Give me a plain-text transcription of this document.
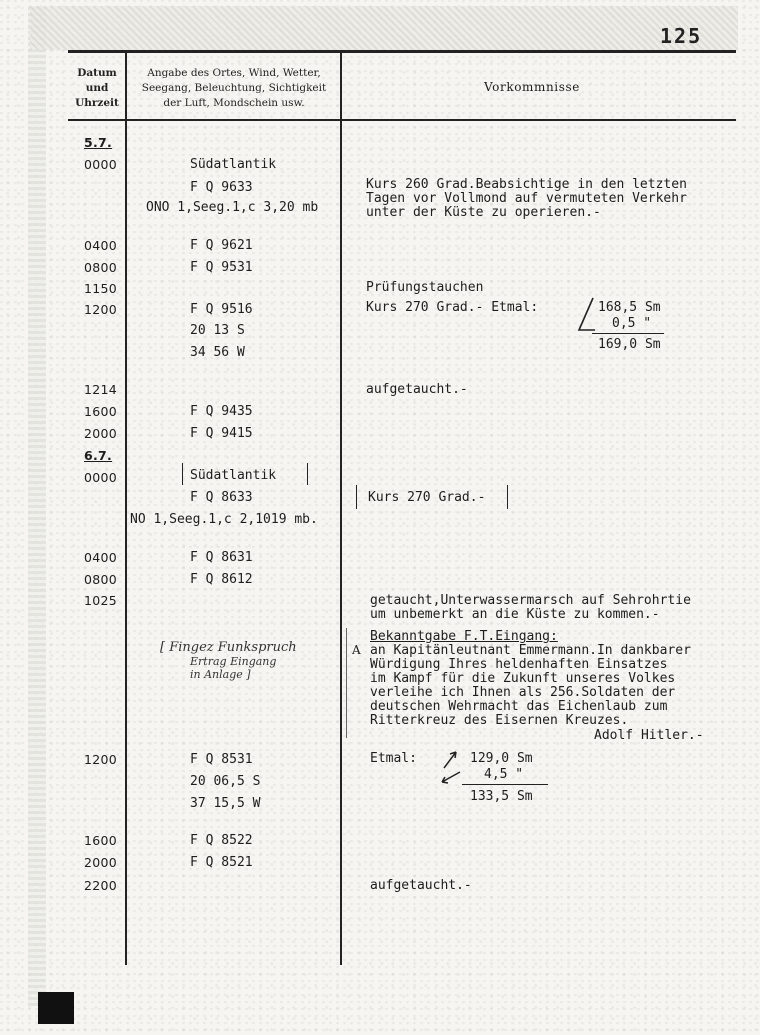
125
Datum
und
Uhrzeit
Angabe des Ortes, Wind, Wetter,
Seegang, Beleuchtung, Sichtigkeit
der Luft, Mondschein usw.
Vorkommnisse
5.7.
0000
0400
0800
1150
1200
1214
1600
2000
6.7.
0000
0400
0800
1025
1200
1600
2000
2200
Südatlantik
F Q 9633
ONO 1,Seeg.1,c 3,20 mb
F Q 9621
F Q 9531
F Q 9516
20 13 S
34 56 W
F Q 9435
F Q 9415
Südatlantik
F Q 8633
NO 1,Seeg.1,c 2,1019 mb.
F Q 8631
F Q 8612
F Q 8531
20 06,5 S
37 15,5 W
F Q 8522
F Q 8521
[ Fingez Funkspruch
Ertrag Eingang
in Anlage ]
Kurs 260 Grad.Beabsichtige in den letzten
Tagen vor Vollmond auf vermuteten Verkehr
unter der Küste zu operieren.-
Prüfungstauchen
Kurs 270 Grad.- Etmal:	168,5 Sm
0,5 "
169,0 Sm
aufgetaucht.-
Kurs 270 Grad.-
getaucht,Unterwassermarsch auf Sehrohrtie
um unbemerkt an die Küste zu kommen.-
Bekanntgabe F.T.Eingang:
A an Kapitänleutnant Emmermann.In dankbarer
Würdigung Ihres heldenhaften Einsatzes
im Kampf für die Zukunft unseres Volkes
verleihe ich Ihnen als 256.Soldaten der
deutschen Wehrmacht das Eichenlaub zum
Ritterkreuz des Eisernen Kreuzes.
Adolf Hitler.-
Etmal:	129,0 Sm
4,5 "
133,5 Sm
aufgetaucht.-
